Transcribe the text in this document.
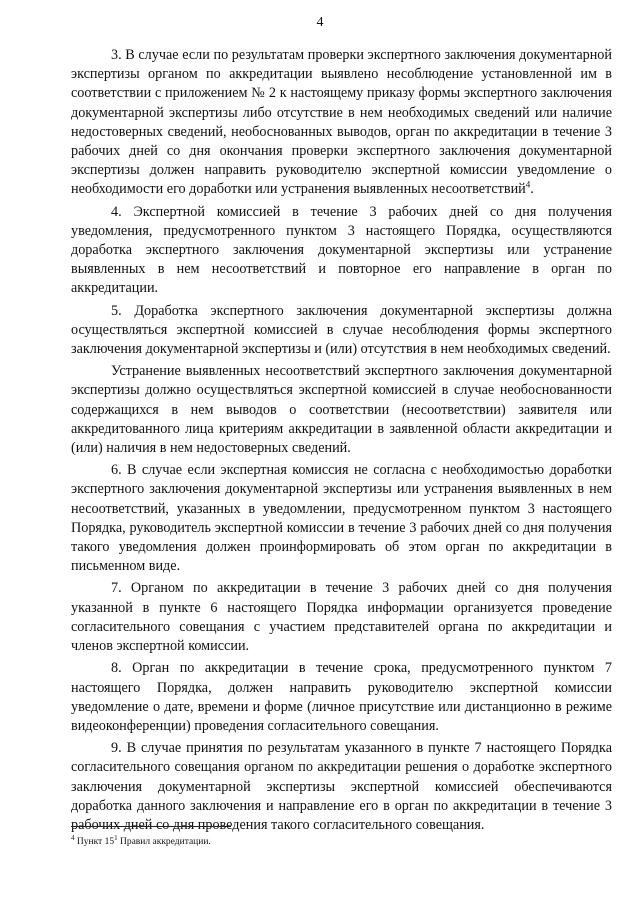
4

3. В случае если по результатам проверки экспертного заключения документарной экспертизы органом по аккредитации выявлено несоблюдение установленной им в соответствии с приложением № 2 к настоящему приказу формы экспертного заключения документарной экспертизы либо отсутствие в нем необходимых сведений или наличие недостоверных сведений, необоснованных выводов, орган по аккредитации в течение 3 рабочих дней со дня окончания проверки экспертного заключения документарной экспертизы должен направить руководителю экспертной комиссии уведомление о необходимости его доработки или устранения выявленных несоответствий$^4$.

4. Экспертной комиссией в течение 3 рабочих дней со дня получения уведомления, предусмотренного пунктом 3 настоящего Порядка, осуществляются доработка экспертного заключения документарной экспертизы или устранение выявленных в нем несоответствий и повторное его направление в орган по аккредитации.

5. Доработка экспертного заключения документарной экспертизы должна осуществляться экспертной комиссией в случае несоблюдения формы экспертного заключения документарной экспертизы и (или) отсутствия в нем необходимых сведений.

Устранение выявленных несоответствий экспертного заключения документарной экспертизы должно осуществляться экспертной комиссией в случае необоснованности содержащихся в нем выводов о соответствии (несоответствии) заявителя или аккредитованного лица критериям аккредитации в заявленной области аккредитации и (или) наличия в нем недостоверных сведений.

6. В случае если экспертная комиссия не согласна с необходимостью доработки экспертного заключения документарной экспертизы или устранения выявленных в нем несоответствий, указанных в уведомлении, предусмотренном пунктом 3 настоящего Порядка, руководитель экспертной комиссии в течение 3 рабочих дней со дня получения такого уведомления должен проинформировать об этом орган по аккредитации в письменном виде.

7. Органом по аккредитации в течение 3 рабочих дней со дня получения указанной в пункте 6 настоящего Порядка информации организуется проведение согласительного совещания с участием представителей органа по аккредитации и членов экспертной комиссии.

8. Орган по аккредитации в течение срока, предусмотренного пунктом 7 настоящего Порядка, должен направить руководителю экспертной комиссии уведомление о дате, времени и форме (личное присутствие или дистанционно в режиме видеоконференции) проведения согласительного совещания.

9. В случае принятия по результатам указанного в пункте 7 настоящего Порядка согласительного совещания органом по аккредитации решения о доработке экспертного заключения документарной экспертизы экспертной комиссией обеспечиваются доработка данного заключения и направление его в орган по аккредитации в течение 3 рабочих дней со дня проведения такого согласительного совещания.

$^4$ Пункт $15^1$ Правил аккредитации.
